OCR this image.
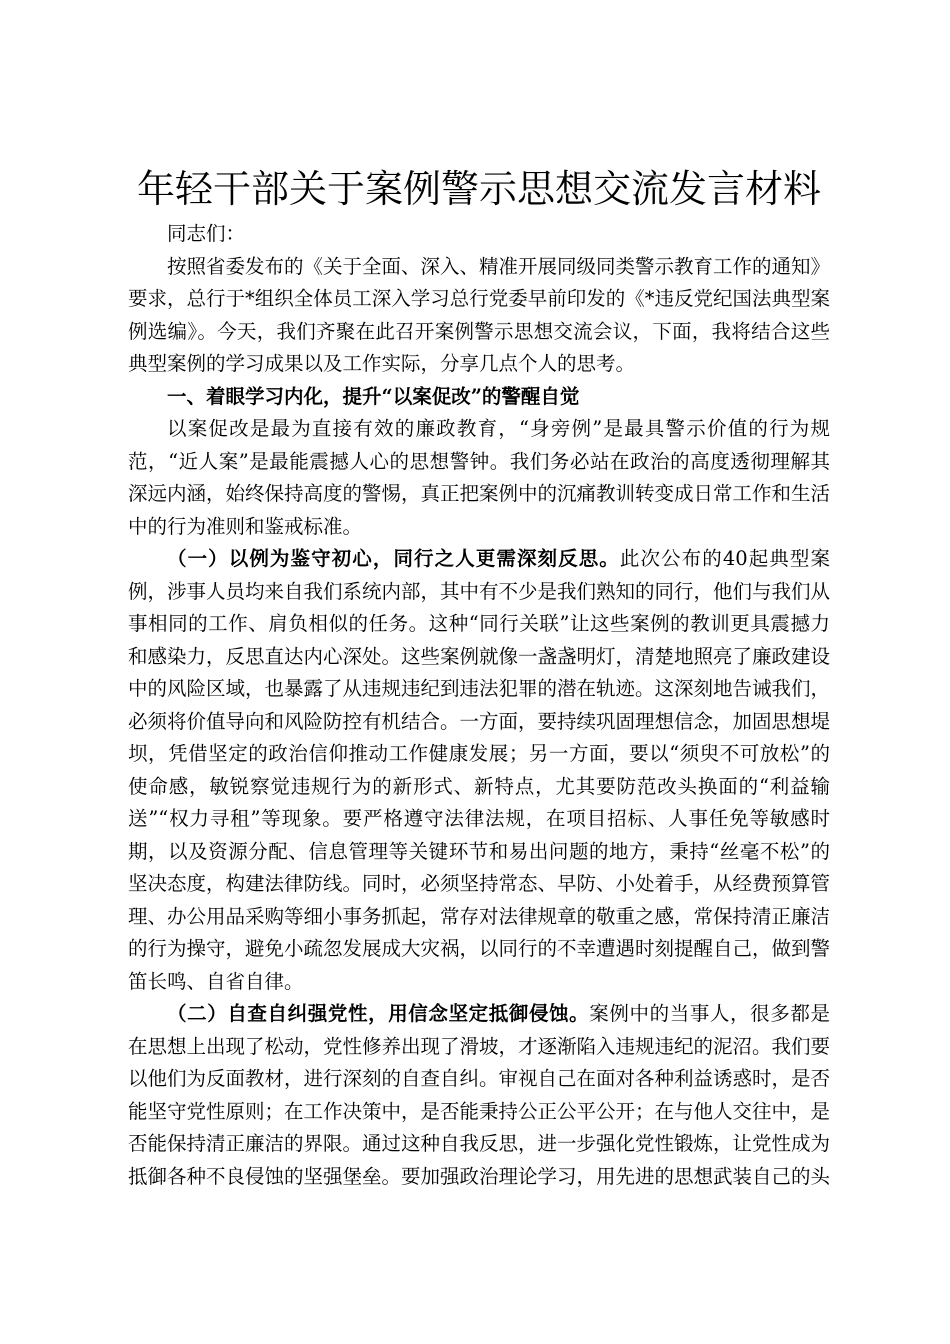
年轻干部关于案例警示思想交流发言材料

同志们：

按照省委发布的《关于全面、深入、精准开展同级同类警示教育工作的通知》要求，总行于*组织全体员工深入学习总行党委早前印发的《*违反党纪国法典型案例选编》。今天，我们齐聚在此召开案例警示思想交流会议，下面，我将结合这些典型案例的学习成果以及工作实际，分享几点个人的思考。

一、着眼学习内化，提升“以案促改”的警醒自觉

以案促改是最为直接有效的廉政教育，“身旁例”是最具警示价值的行为规范，“近人案”是最能震撼人心的思想警钟。我们务必站在政治的高度透彻理解其深远内涵，始终保持高度的警惕，真正把案例中的沉痛教训转变成日常工作和生活中的行为准则和鉴戒标准。

（一）以例为鉴守初心，同行之人更需深刻反思。此次公布的40起典型案例，涉事人员均来自我们系统内部，其中有不少是我们熟知的同行，他们与我们从事相同的工作、肩负相似的任务。这种“同行关联”让这些案例的教训更具震撼力和感染力，反思直达内心深处。这些案例就像一盏盏明灯，清楚地照亮了廉政建设中的风险区域，也暴露了从违规违纪到违法犯罪的潜在轨迹。这深刻地告诫我们，必须将价值导向和风险防控有机结合。一方面，要持续巩固理想信念，加固思想堤坝，凭借坚定的政治信仰推动工作健康发展；另一方面，要以“须臾不可放松”的使命感，敏锐察觉违规行为的新形式、新特点，尤其要防范改头换面的“利益输送”“权力寻租”等现象。要严格遵守法律法规，在项目招标、人事任免等敏感时期，以及资源分配、信息管理等关键环节和易出问题的地方，秉持“丝毫不松”的坚决态度，构建法律防线。同时，必须坚持常态、早防、小处着手，从经费预算管理、办公用品采购等细小事务抓起，常存对法律规章的敬重之感，常保持清正廉洁的行为操守，避免小疏忽发展成大灾祸，以同行的不幸遭遇时刻提醒自己，做到警笛长鸣、自省自律。

（二）自查自纠强党性，用信念坚定抵御侵蚀。案例中的当事人，很多都是在思想上出现了松动，党性修养出现了滑坡，才逐渐陷入违规违纪的泥沼。我们要以他们为反面教材，进行深刻的自查自纠。审视自己在面对各种利益诱惑时，是否能坚守党性原则；在工作决策中，是否能秉持公正公平公开；在与他人交往中，是否能保持清正廉洁的界限。通过这种自我反思，进一步强化党性锻炼，让党性成为抵御各种不良侵蚀的坚强堡垒。要加强政治理论学习，用先进的思想武装自己的头
